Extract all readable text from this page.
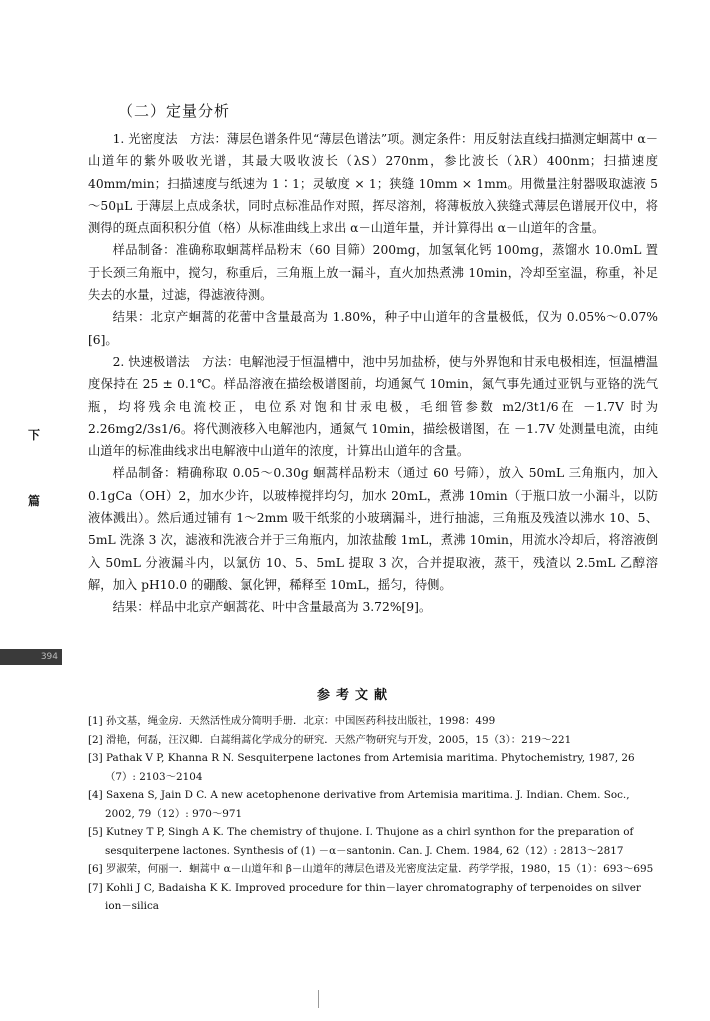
（二）定量分析

1. 光密度法　方法：薄层色谱条件见“薄层色谱法”项。测定条件：用反射法直线扫描测定蛔蒿中 α－山道年的紫外吸收光谱，其最大吸收波长（λS）270nm，参比波长（λR）400nm；扫描速度 40mm/min；扫描速度与纸速为 1∶1；灵敏度 × 1；狭缝 10mm × 1mm。用微量注射器吸取滤液 5～50μL 于薄层上点成条状，同时点标准品作对照，挥尽溶剂，将薄板放入狭缝式薄层色谱展开仪中，将测得的斑点面积积分值（格）从标准曲线上求出 α－山道年量，并计算得出 α－山道年的含量。

样品制备：准确称取蛔蒿样品粉末（60 目筛）200mg，加氢氧化钙 100mg，蒸馏水 10.0mL 置于长颈三角瓶中，搅匀，称重后，三角瓶上放一漏斗，直火加热煮沸 10min，冷却至室温，称重，补足失去的水量，过滤，得滤液待测。

结果：北京产蛔蒿的花蕾中含量最高为 1.80%，种子中山道年的含量极低，仅为 0.05%～0.07%[6]。

2. 快速极谱法　方法：电解池浸于恒温槽中，池中另加盐桥，使与外界饱和甘汞电极相连，恒温槽温度保持在 25 ± 0.1℃。样品溶液在描绘极谱图前，均通氮气 10min，氮气事先通过亚钒与亚铬的洗气瓶，均将残余电流校正，电位系对饱和甘汞电极，毛细管参数 m2/3t1/6在 －1.7V 时为 2.26mg2/3s1/6。将代测液移入电解池内，通氮气 10min，描绘极谱图，在 －1.7V 处测量电流，由纯山道年的标准曲线求出电解液中山道年的浓度，计算出山道年的含量。

样品制备：精确称取 0.05～0.30g 蛔蒿样品粉末（通过 60 号筛），放入 50mL 三角瓶内，加入 0.1gCa（OH）2，加水少许，以玻棒搅拌均匀，加水 20mL，煮沸 10min（于瓶口放一小漏斗，以防液体溅出）。然后通过铺有 1～2mm 吸干纸浆的小玻璃漏斗，进行抽滤，三角瓶及残渣以沸水 10、5、5mL 洗涤 3 次，滤液和洗液合并于三角瓶内，加浓盐酸 1mL，煮沸 10min，用流水冷却后，将溶液倒入 50mL 分液漏斗内，以氯仿 10、5、5mL 提取 3 次，合并提取液，蒸干，残渣以 2.5mL 乙醇溶解，加入 pH10.0 的硼酸、氯化钾，稀释至 10mL，摇匀，待侧。

结果：样品中北京产蛔蒿花、叶中含量最高为 3.72%[9]。

下
篇
394
参考文献
[1] 孙文基，绳金房．天然活性成分简明手册．北京：中国医药科技出版社，1998：499
[2] 滑艳，何磊，汪汉卿．白蒿绢蒿化学成分的研究．天然产物研究与开发，2005，15（3）：219～221
[3] Pathak V P, Khanna R N. Sesquiterpene lactones from Artemisia maritima. Phytochemistry, 1987, 26（7）: 2103～2104
[4] Saxena S, Jain D C. A new acetophenone derivative from Artemisia maritima. J. Indian. Chem. Soc., 2002, 79（12）: 970～971
[5] Kutney T P, Singh A K. The chemistry of thujone. Ⅰ. Thujone as a chirl synthon for the preparation of sesquiterpene lactones. Synthesis of (1) －α－santonin. Can. J. Chem. 1984, 62（12）: 2813～2817
[6] 罗淑荣，何丽一．蛔蒿中 α－山道年和 β－山道年的薄层色谱及光密度法定量．药学学报，1980，15（1）：693～695
[7] Kohli J C, Badaisha K K. Improved procedure for thin－layer chromatography of terpenoides on silver ion－silica
